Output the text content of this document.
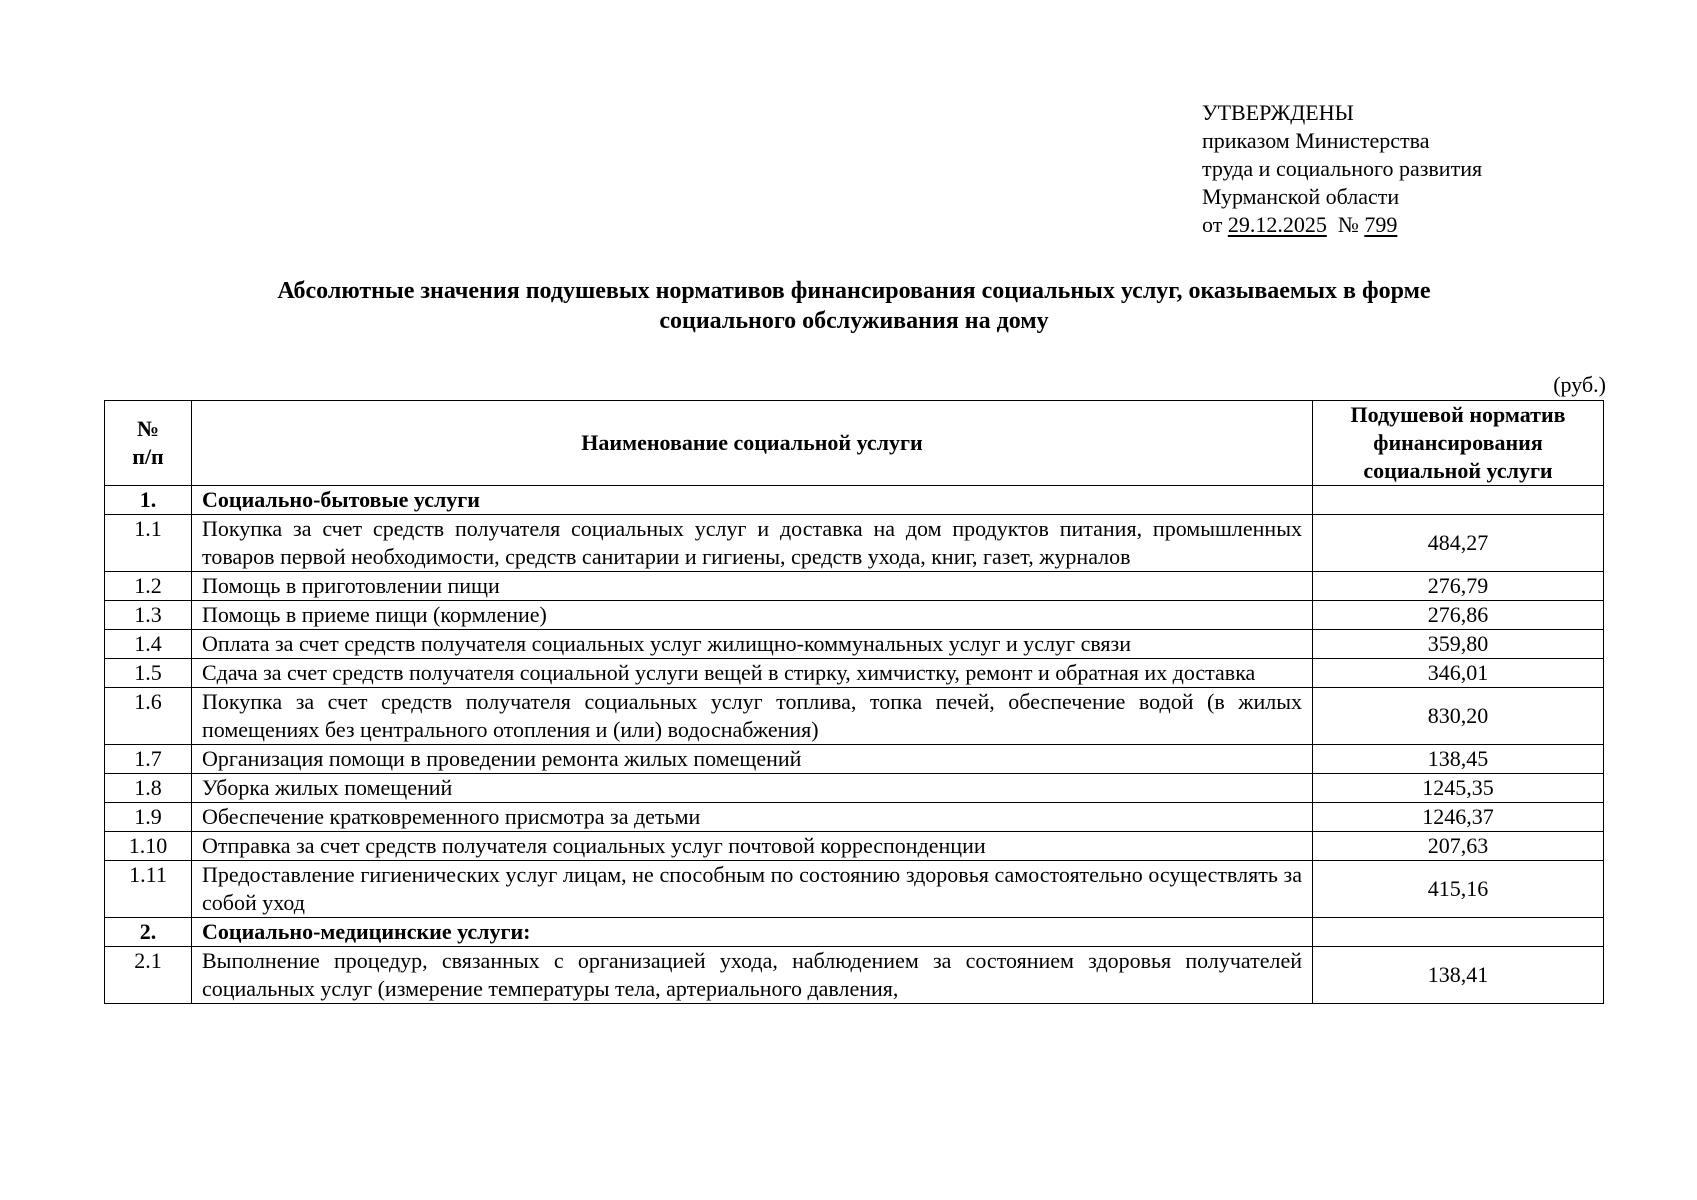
УТВЕРЖДЕНЫ
приказом Министерства
труда и социального развития
Мурманской области
от 29.12.2025 № 799
Абсолютные значения подушевых нормативов финансирования социальных услуг, оказываемых в форме
социального обслуживания на дому
(руб.)
№
п/п	Наименование социальной услуги	Подушевой норматив финансирования социальной услуги
1.	Социально-бытовые услуги	
1.1	Покупка за счет средств получателя социальных услуг и доставка на дом продуктов питания, промышленных товаров первой необходимости, средств санитарии и гигиены, средств ухода, книг, газет, журналов	484,27
1.2	Помощь в приготовлении пищи	276,79
1.3	Помощь в приеме пищи (кормление)	276,86
1.4	Оплата за счет средств получателя социальных услуг жилищно-коммунальных услуг и услуг связи	359,80
1.5	Сдача за счет средств получателя социальной услуги вещей в стирку, химчистку, ремонт и обратная их доставка	346,01
1.6	Покупка за счет средств получателя социальных услуг топлива, топка печей, обеспечение водой (в жилых помещениях без центрального отопления и (или) водоснабжения)	830,20
1.7	Организация помощи в проведении ремонта жилых помещений	138,45
1.8	Уборка жилых помещений	1245,35
1.9	Обеспечение кратковременного присмотра за детьми	1246,37
1.10	Отправка за счет средств получателя социальных услуг почтовой корреспонденции	207,63
1.11	Предоставление гигиенических услуг лицам, не способным по состоянию здоровья самостоятельно осуществлять за собой уход	415,16
2.	Социально-медицинские услуги:	
2.1	Выполнение процедур, связанных с организацией ухода, наблюдением за состоянием здоровья получателей социальных услуг (измерение температуры тела, артериального давления,	138,41
